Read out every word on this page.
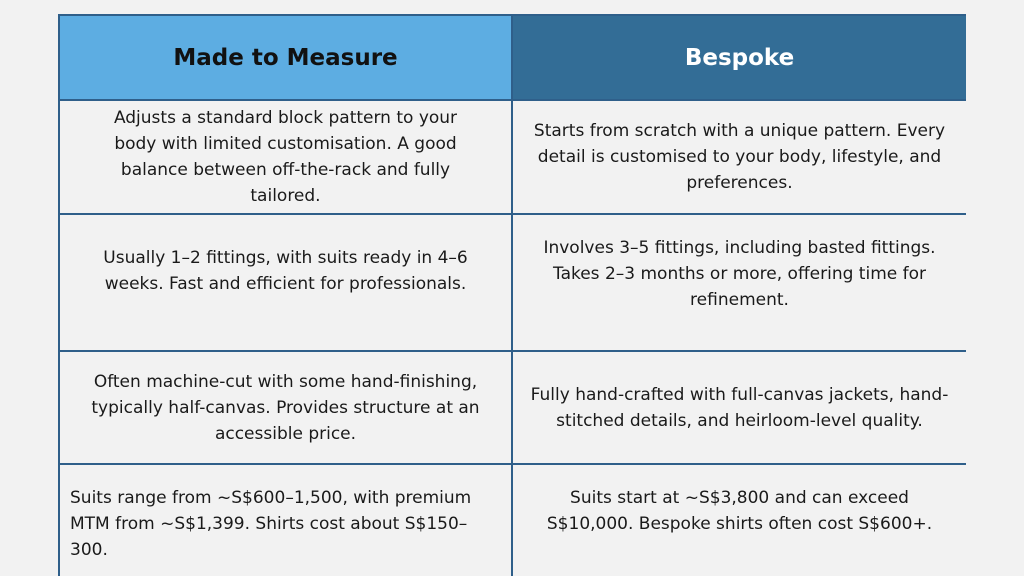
Made to Measure	Bespoke
Adjusts a standard block pattern to your body with limited customisation. A good balance between off-the-rack and fully tailored.
Starts from scratch with a unique pattern. Every detail is customised to your body, lifestyle, and preferences.
Usually 1–2 fittings, with suits ready in 4–6 weeks. Fast and efficient for professionals.
Involves 3–5 fittings, including basted fittings. Takes 2–3 months or more, offering time for refinement.
Often machine-cut with some hand-finishing, typically half-canvas. Provides structure at an accessible price.
Fully hand-crafted with full-canvas jackets, hand-stitched details, and heirloom-level quality.
Suits range from ~S$600–1,500, with premium MTM from ~S$1,399. Shirts cost about S$150–300.
Suits start at ~S$3,800 and can exceed S$10,000. Bespoke shirts often cost S$600+.
